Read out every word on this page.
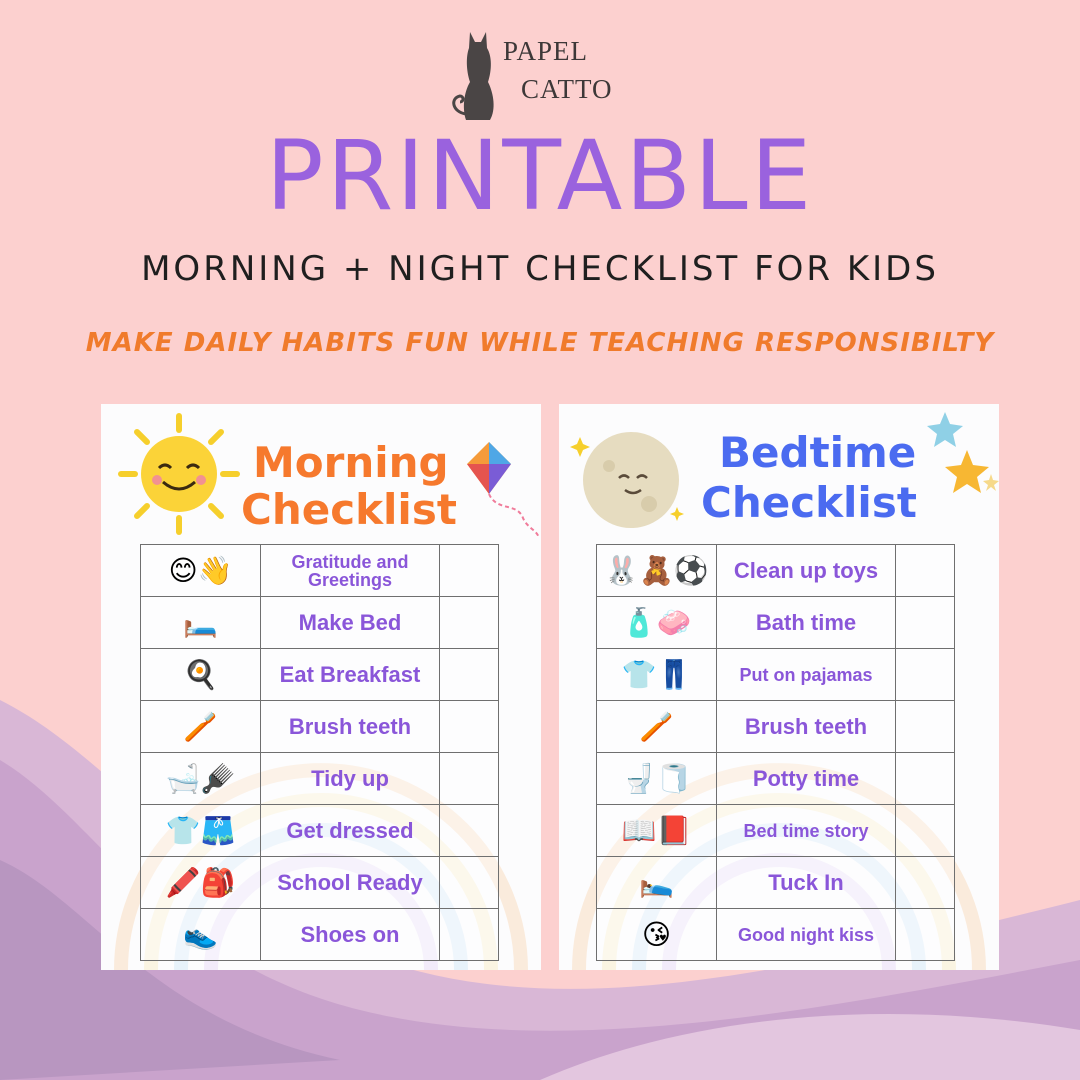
PAPEL
CATTO
PRINTABLE
MORNING + NIGHT CHECKLIST FOR KIDS
MAKE DAILY HABITS FUN WHILE TEACHING RESPONSIBILTY
Morning
Checklist
😊👋	Gratitude and Greetings	
🛏️	Make Bed	
🍳	Eat Breakfast	
🪥	Brush teeth	
🛁🪮	Tidy up	
👕🩳	Get dressed	
🖍️🎒	School Ready	
👟	Shoes on	
Bedtime
Checklist
🐰🧸⚽	Clean up toys	
🧴🧼	Bath time	
👕👖	Put on pajamas	
🪥	Brush teeth	
🚽🧻	Potty time	
📖📕	Bed time story	
🛌	Tuck In	
😘	Good night kiss	
